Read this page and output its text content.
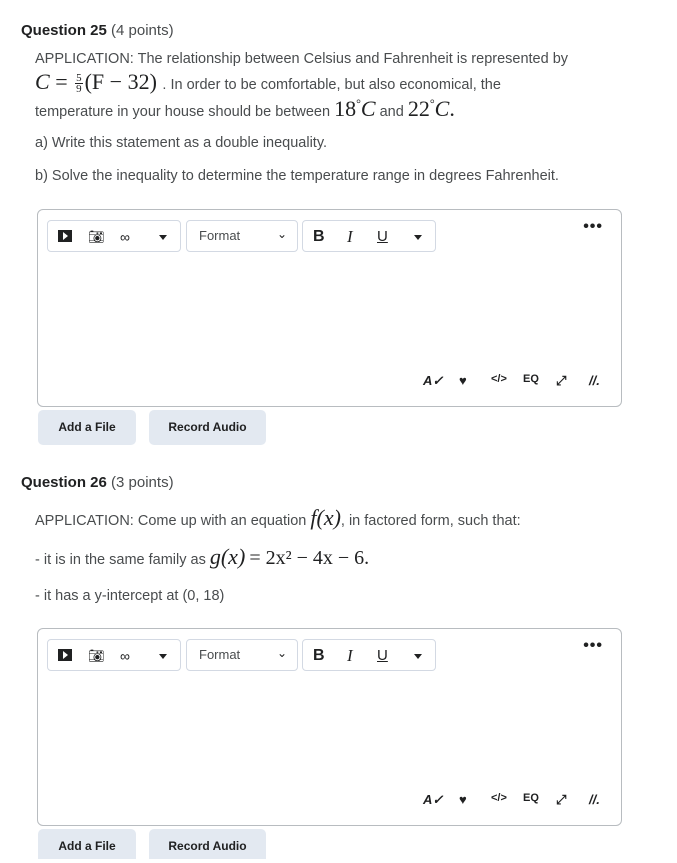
Question 25 (4 points)
APPLICATION: The relationship between Celsius and Fahrenheit is represented by
$C = \frac{5}{9} (F - 32)$ . In order to be comfortable, but also economical, the
temperature in your house should be between 18°C and 22°C.
a) Write this statement as a double inequality.
b) Solve the inequality to determine the temperature range in degrees Fahrenheit.
📷︎ ∞	Format	⌄ B I U
•••
A✓ ♥︎ </> EQ ⤢ //.
Add a File	Record Audio
Question 26 (3 points)
APPLICATION: Come up with an equation f(x), in factored form, such that:
- it is in the same family as g(x) = 2x² − 4x − 6.
- it has a y-intercept at (0, 18)
📷︎ ∞	Format	⌄ B I U
•••
A✓ ♥︎ </> EQ ⤢ //.
Add a File	Record Audio
